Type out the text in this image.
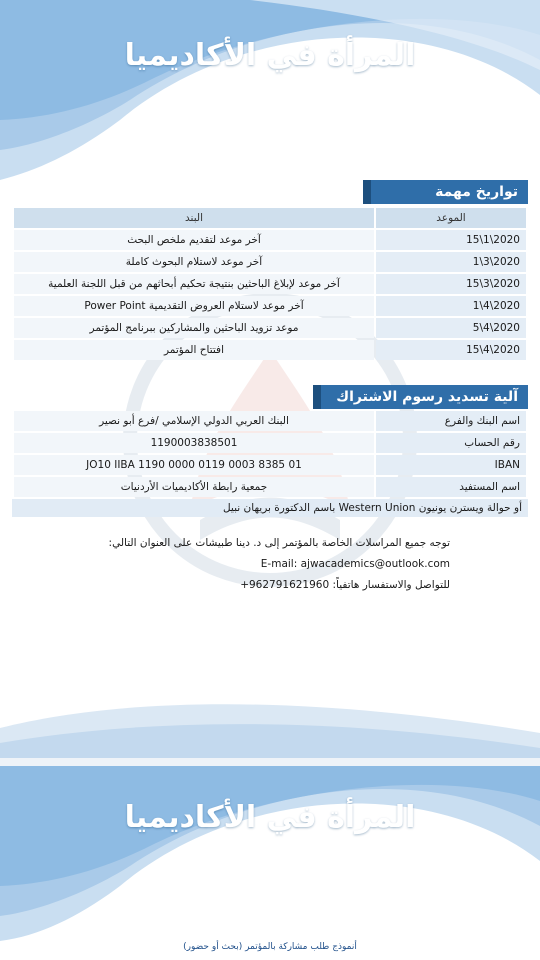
المرأة في الأكاديميا
تواريخ مهمة
الموعد	البند
2020\1\15	آخر موعد لتقديم ملخص البحث
2020\3\1	آخر موعد لاستلام البحوث كاملة
2020\3\15	آخر موعد لإبلاغ الباحثين بنتيجة تحكيم أبحاثهم من قبل اللجنة العلمية
2020\4\1	آخر موعد لاستلام العروض التقديمية Power Point
2020\4\5	موعد تزويد الباحثين والمشاركين ببرنامج المؤتمر
2020\4\15	افتتاح المؤتمر
آلية تسديد رسوم الاشتراك
اسم البنك والفرع	البنك العربي الدولي الإسلامي /فرع أبو نصير
رقم الحساب	1190003838501
IBAN	JO10 IIBA 1190 0000 0119 0003 8385 01
اسم المستفيد	جمعية رابطة الأكاديميات الأردنيات
أو حوالة ويسترن يونيون Western Union باسم الدكتورة بريهان نبيل
توجه جميع المراسلات الخاصة بالمؤتمر إلى د. دينا طبيشات على العنوان التالي:
E-mail: ajwacademics@outlook.com
للتواصل والاستفسار هاتفياً: +962791621960
المرأة في الأكاديميا
أنموذج طلب مشاركة بالمؤتمر (بحث أو حضور)
